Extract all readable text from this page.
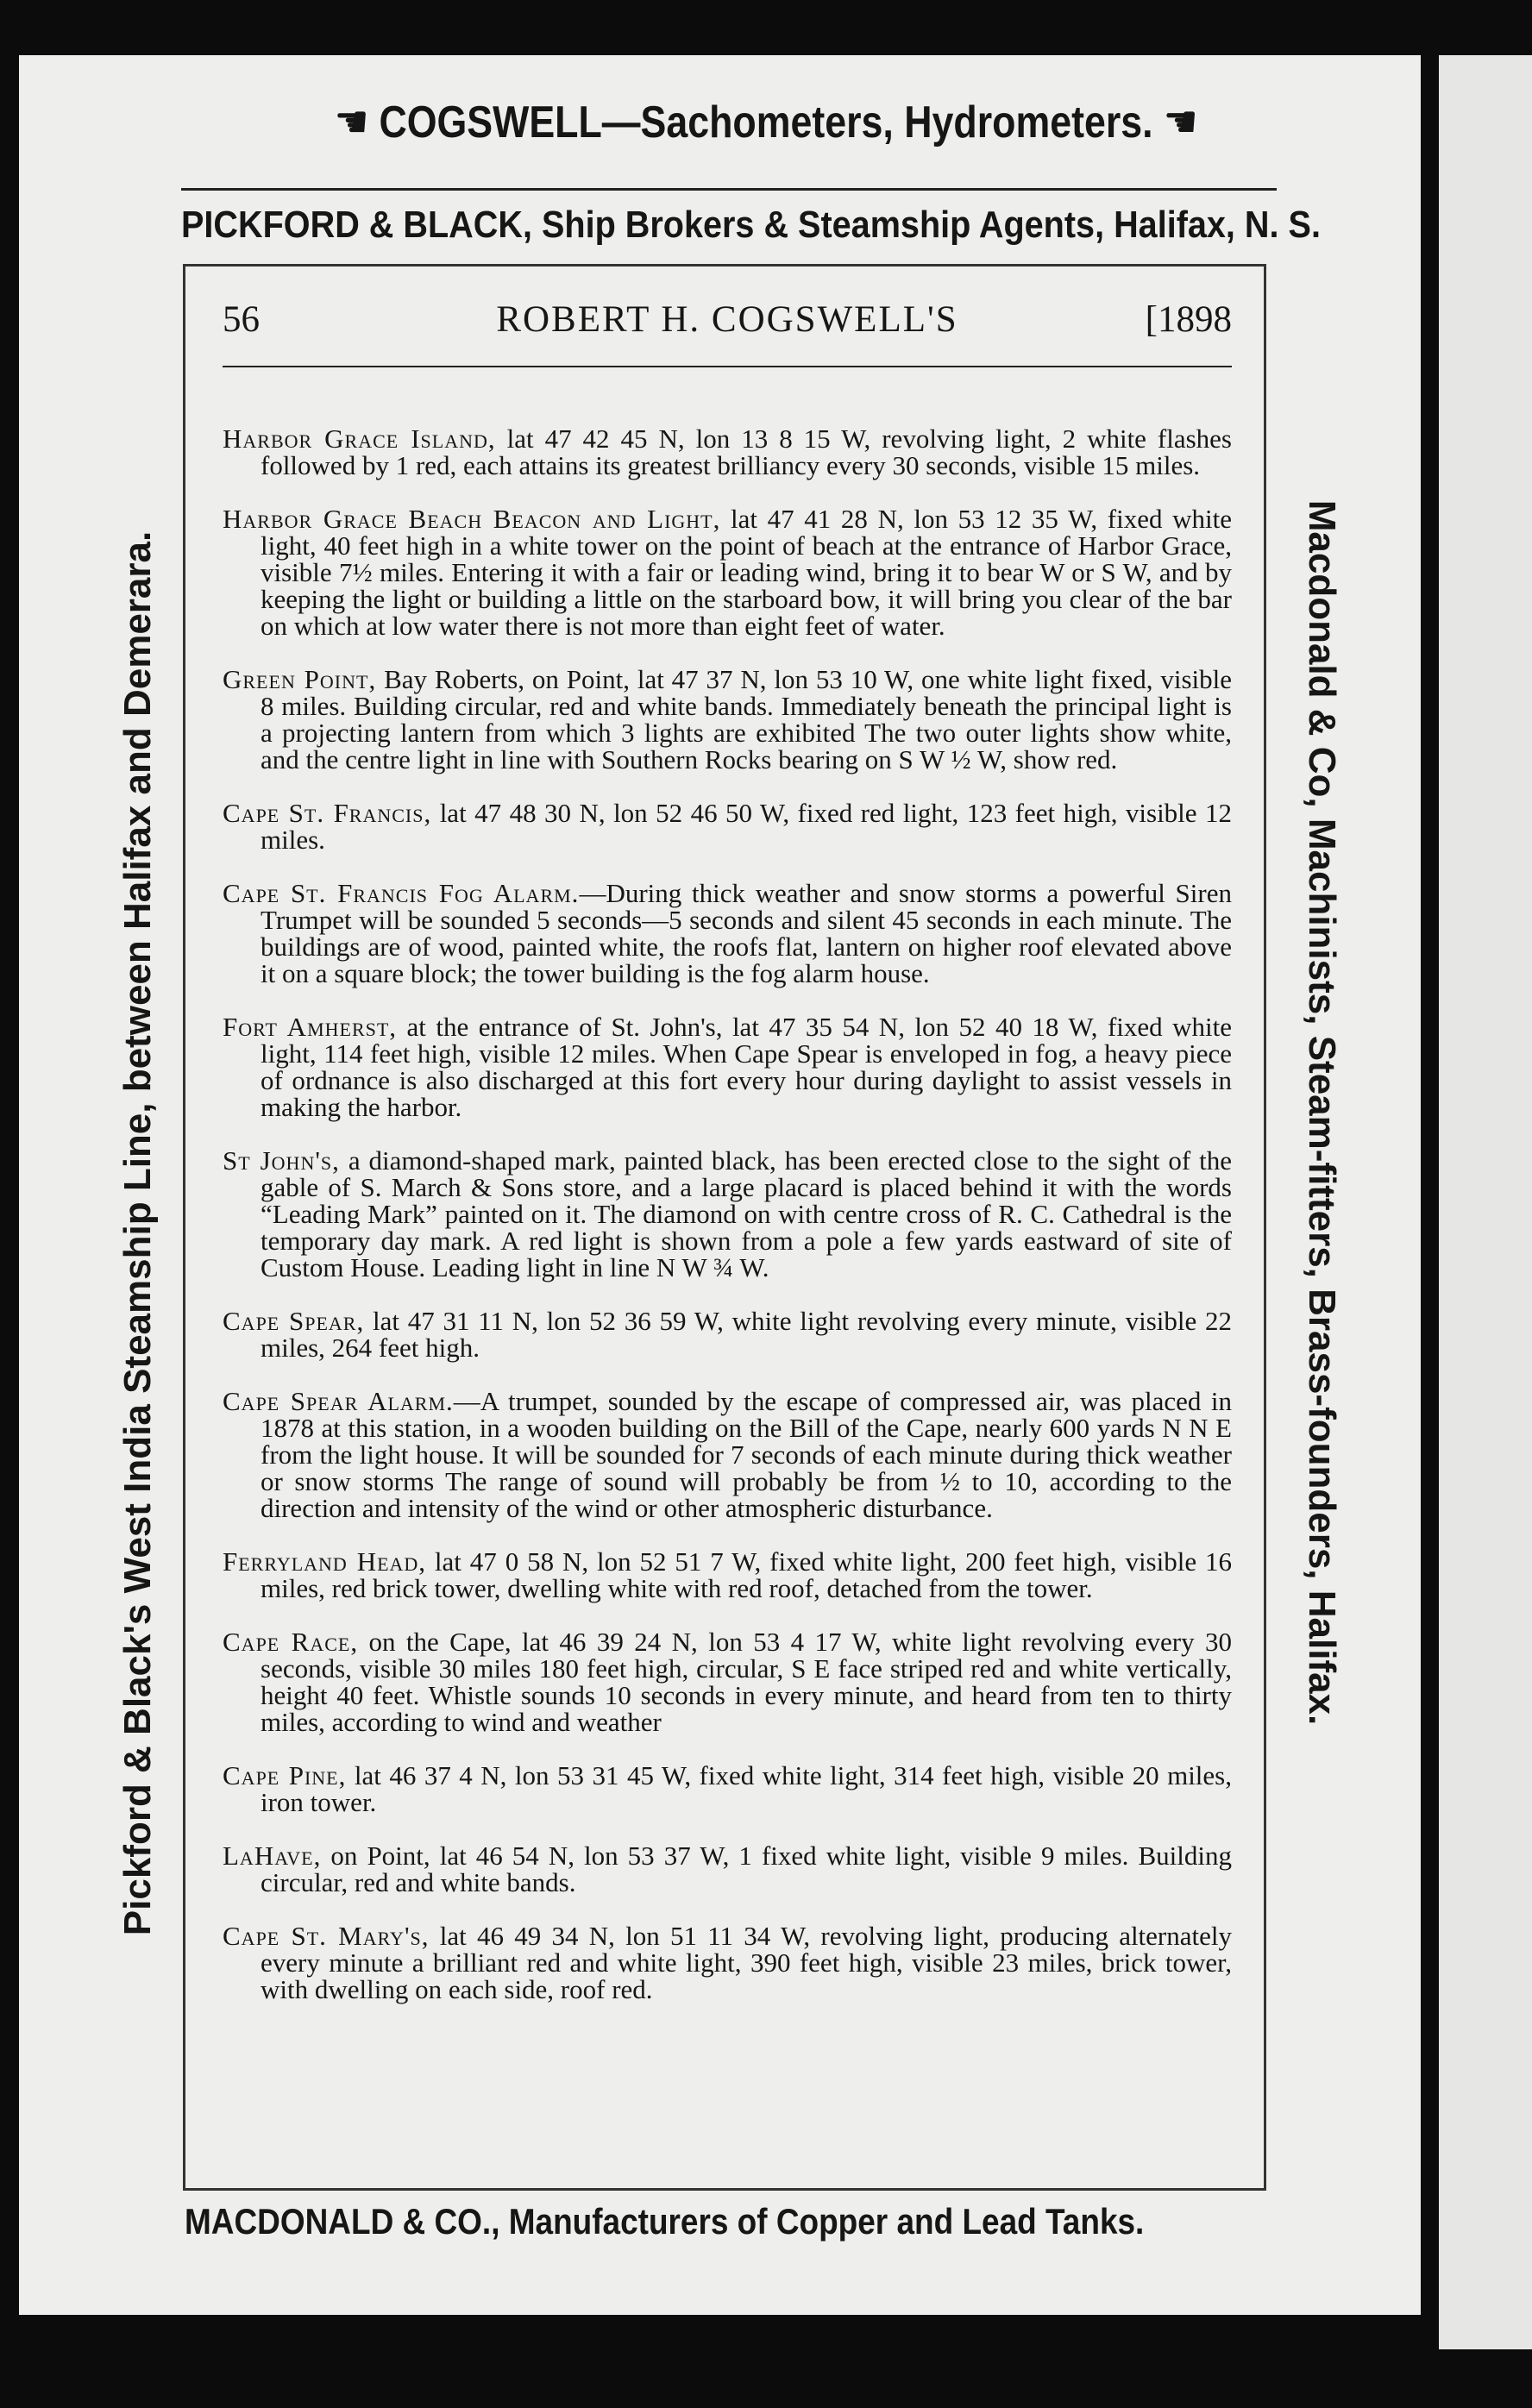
☛ COGSWELL—Sachometers, Hydrometers. ☚
PICKFORD & BLACK, Ship Brokers & Steamship Agents, Halifax, N. S.
56	ROBERT H. COGSWELL'S	[1898
Pickford & Black's West India Steamship Line, between Halifax and Demerara.	Macdonald & Co, Machinists, Steam-fitters, Brass-founders, Halifax.

Harbor Grace Island, lat 47 42 45 N, lon 13 8 15 W, revolving light, 2 white flashes followed by 1 red, each attains its greatest brilliancy every 30 seconds, visible 15 miles.

Harbor Grace Beach Beacon and Light, lat 47 41 28 N, lon 53 12 35 W, fixed white light, 40 feet high in a white tower on the point of beach at the entrance of Harbor Grace, visible 7½ miles. Entering it with a fair or leading wind, bring it to bear W or S W, and by keeping the light or building a little on the starboard bow, it will bring you clear of the bar on which at low water there is not more than eight feet of water.

Green Point, Bay Roberts, on Point, lat 47 37 N, lon 53 10 W, one white light fixed, visible 8 miles. Building circular, red and white bands. Immediately beneath the principal light is a projecting lantern from which 3 lights are exhibited The two outer lights show white, and the centre light in line with Southern Rocks bearing on S W ½ W, show red.

Cape St. Francis, lat 47 48 30 N, lon 52 46 50 W, fixed red light, 123 feet high, visible 12 miles.

Cape St. Francis Fog Alarm.—During thick weather and snow storms a powerful Siren Trumpet will be sounded 5 seconds—5 seconds and silent 45 seconds in each minute. The buildings are of wood, painted white, the roofs flat, lantern on higher roof elevated above it on a square block; the tower building is the fog alarm house.

Fort Amherst, at the entrance of St. John's, lat 47 35 54 N, lon 52 40 18 W, fixed white light, 114 feet high, visible 12 miles. When Cape Spear is enveloped in fog, a heavy piece of ordnance is also discharged at this fort every hour during daylight to assist vessels in making the harbor.

St John's, a diamond-shaped mark, painted black, has been erected close to the sight of the gable of S. March & Sons store, and a large placard is placed behind it with the words “Leading Mark” painted on it. The diamond on with centre cross of R. C. Cathedral is the temporary day mark. A red light is shown from a pole a few yards eastward of site of Custom House. Leading light in line N W ¾ W.

Cape Spear, lat 47 31 11 N, lon 52 36 59 W, white light revolving every minute, visible 22 miles, 264 feet high.

Cape Spear Alarm.—A trumpet, sounded by the escape of compressed air, was placed in 1878 at this station, in a wooden building on the Bill of the Cape, nearly 600 yards N N E from the light house. It will be sounded for 7 seconds of each minute during thick weather or snow storms The range of sound will probably be from ½ to 10, according to the direction and intensity of the wind or other atmospheric disturbance.

Ferryland Head, lat 47 0 58 N, lon 52 51 7 W, fixed white light, 200 feet high, visible 16 miles, red brick tower, dwelling white with red roof, detached from the tower.

Cape Race, on the Cape, lat 46 39 24 N, lon 53 4 17 W, white light revolving every 30 seconds, visible 30 miles 180 feet high, circular, S E face striped red and white vertically, height 40 feet. Whistle sounds 10 seconds in every minute, and heard from ten to thirty miles, according to wind and weather

Cape Pine, lat 46 37 4 N, lon 53 31 45 W, fixed white light, 314 feet high, visible 20 miles, iron tower.

LaHave, on Point, lat 46 54 N, lon 53 37 W, 1 fixed white light, visible 9 miles. Building circular, red and white bands.

Cape St. Mary's, lat 46 49 34 N, lon 51 11 34 W, revolving light, producing alternately every minute a brilliant red and white light, 390 feet high, visible 23 miles, brick tower, with dwelling on each side, roof red.

MACDONALD & CO., Manufacturers of Copper and Lead Tanks.
